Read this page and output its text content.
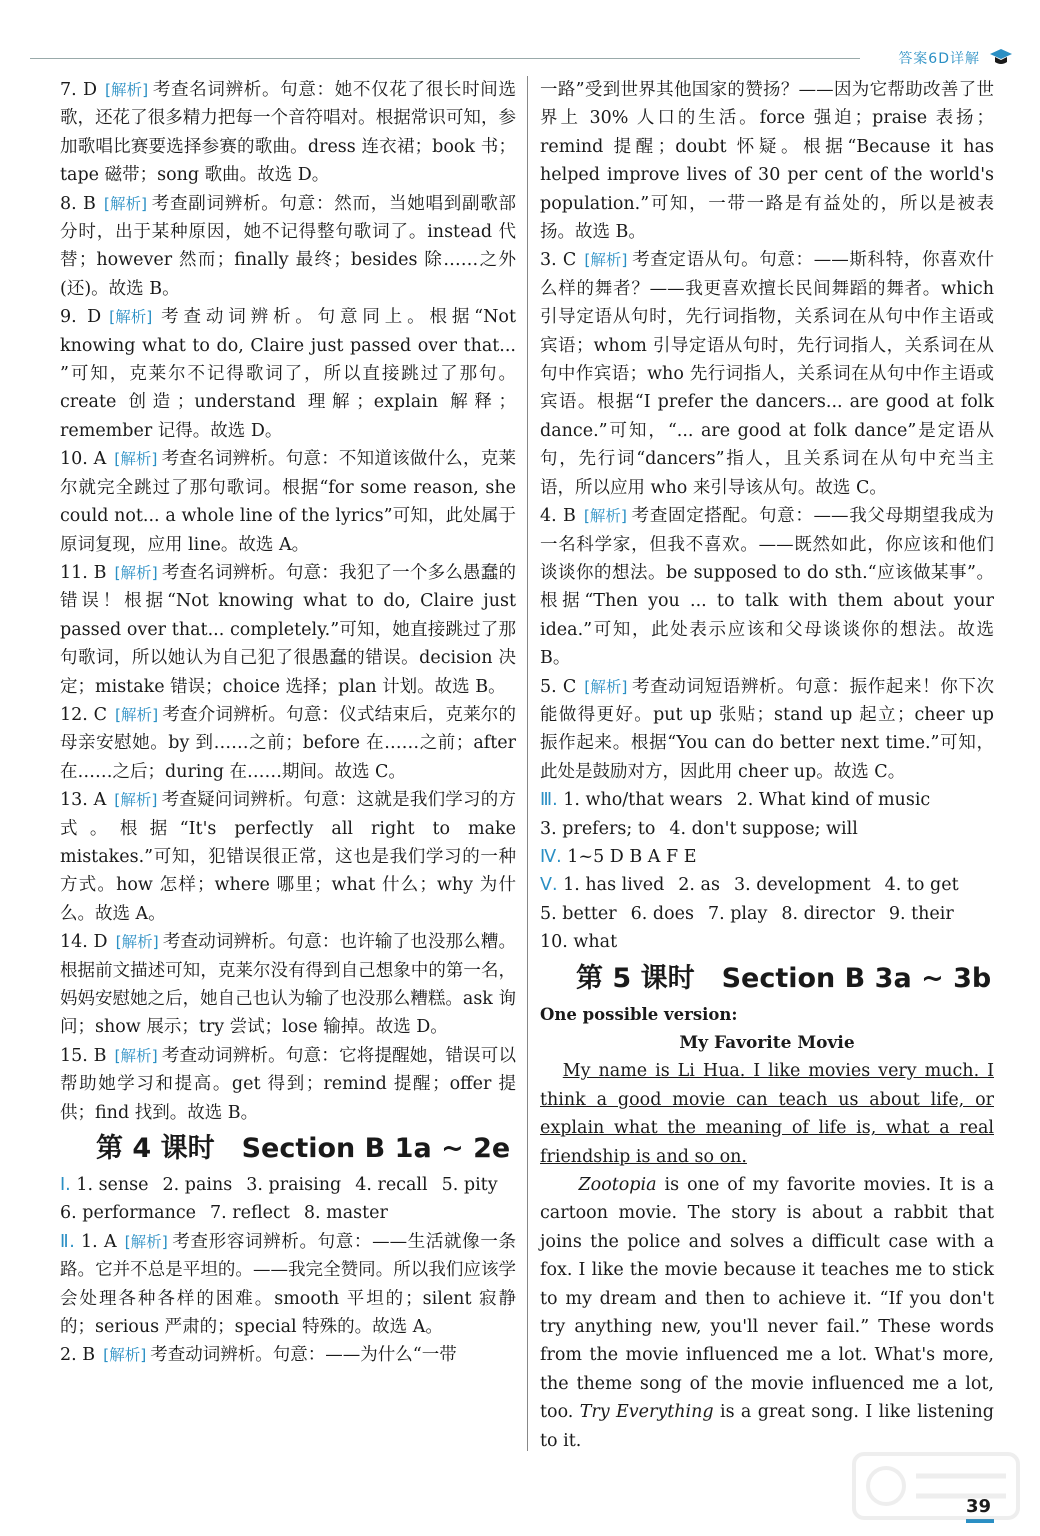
答案6D详解
7. D [解析] 考查名词辨析。句意：她不仅花了很长时间选歌，还花了很多精力把每一个音符唱对。根据常识可知，参加歌唱比赛要选择参赛的歌曲。dress 连衣裙；book 书；tape 磁带；song 歌曲。故选 D。
8. B [解析] 考查副词辨析。句意：然而，当她唱到副歌部分时，出于某种原因，她不记得整句歌词了。instead 代替；however 然而；finally 最终；besides 除……之外(还)。故选 B。
9. D [解析] 考查动词辨析。句意同上。根据“Not knowing what to do, Claire just passed over that... ”可知，克莱尔不记得歌词了，所以直接跳过了那句。create 创造；understand 理解；explain 解释；remember 记得。故选 D。
10. A [解析] 考查名词辨析。句意：不知道该做什么，克莱尔就完全跳过了那句歌词。根据“for some reason, she could not... a whole line of the lyrics”可知，此处属于原词复现，应用 line。故选 A。
11. B [解析] 考查名词辨析。句意：我犯了一个多么愚蠢的错误！根据“Not knowing what to do, Claire just passed over that... completely.”可知，她直接跳过了那句歌词，所以她认为自己犯了很愚蠢的错误。decision 决定；mistake 错误；choice 选择；plan 计划。故选 B。
12. C [解析] 考查介词辨析。句意：仪式结束后，克莱尔的母亲安慰她。by 到……之前；before 在……之前；after 在……之后；during 在……期间。故选 C。
13. A [解析] 考查疑问词辨析。句意：这就是我们学习的方式。根据“It's perfectly all right to make mistakes.”可知，犯错误很正常，这也是我们学习的一种方式。how 怎样；where 哪里；what 什么；why 为什么。故选 A。
14. D [解析] 考查动词辨析。句意：也许输了也没那么糟。根据前文描述可知，克莱尔没有得到自己想象中的第一名，妈妈安慰她之后，她自己也认为输了也没那么糟糕。ask 询问；show 展示；try 尝试；lose 输掉。故选 D。
15. B [解析] 考查动词辨析。句意：它将提醒她，错误可以帮助她学习和提高。get 得到；remind 提醒；offer 提供；find 找到。故选 B。
第 4 课时　Section B 1a ~ 2e
Ⅰ. 1. sense 2. pains 3. praising 4. recall 5. pity
6. performance 7. reflect 8. master
Ⅱ. 1. A [解析] 考查形容词辨析。句意：——生活就像一条路。它并不总是平坦的。——我完全赞同。所以我们应该学会处理各种各样的困难。smooth 平坦的；silent 寂静的；serious 严肃的；special 特殊的。故选 A。
2. B [解析] 考查动词辨析。句意：——为什么“一带
一路”受到世界其他国家的赞扬？——因为它帮助改善了世界上 30% 人口的生活。force 强迫；praise 表扬；remind 提醒；doubt 怀疑。根据“Because it has helped improve lives of 30 per cent of the world's population.”可知，一带一路是有益处的，所以是被表扬。故选 B。
3. C [解析] 考查定语从句。句意：——斯科特，你喜欢什么样的舞者？——我更喜欢擅长民间舞蹈的舞者。which 引导定语从句时，先行词指物，关系词在从句中作主语或宾语；whom 引导定语从句时，先行词指人，关系词在从句中作宾语；who 先行词指人，关系词在从句中作主语或宾语。根据“I prefer the dancers... are good at folk dance.”可知，“... are good at folk dance”是定语从句，先行词“dancers”指人，且关系词在从句中充当主语，所以应用 who 来引导该从句。故选 C。
4. B [解析] 考查固定搭配。句意：——我父母期望我成为一名科学家，但我不喜欢。——既然如此，你应该和他们谈谈你的想法。be supposed to do sth.“应该做某事”。根据“Then you ... to talk with them about your idea.”可知，此处表示应该和父母谈谈你的想法。故选 B。
5. C [解析] 考查动词短语辨析。句意：振作起来！你下次能做得更好。put up 张贴；stand up 起立；cheer up 振作起来。根据“You can do better next time.”可知，此处是鼓励对方，因此用 cheer up。故选 C。
Ⅲ. 1. who/that wears 2. What kind of music
3. prefers; to 4. don't suppose; will
Ⅳ. 1~5 D B A F E
Ⅴ. 1. has lived 2. as 3. development 4. to get
5. better 6. does 7. play 8. director 9. their
10. what
第 5 课时　Section B 3a ~ 3b
One possible version:
My Favorite Movie

My name is Li Hua. I like movies very much. I think a good movie can teach us about life, or explain what the meaning of life is, what a real friendship is and so on.

Zootopia is one of my favorite movies. It is a cartoon movie. The story is about a rabbit that joins the police and solves a difficult case with a fox. I like the movie because it teaches me to stick to my dream and then to achieve it. “If you don't try anything new, you'll never fail.” These words from the movie influenced me a lot. What's more, the theme song of the movie influenced me a lot, too. Try Everything is a great song. I like listening to it.

39
